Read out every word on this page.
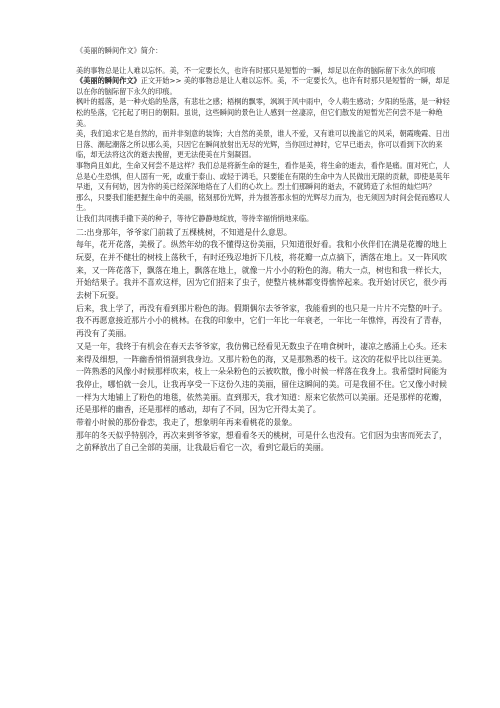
《美丽的瞬间作文》简介：

美的事物总是让人难以忘怀。美，不一定要长久，也许有时那只是短暂的一瞬，却足以在你的脑际留下永久的印痕

《美丽的瞬间作文》正文开始>> 美的事物总是让人难以忘怀。美，不一定要长久，也许有时那只是短暂的一瞬，却足以在你的脑际留下永久的印痕。

枫叶的摇落，是一种火焰的坠落，有悲壮之感；梧桐的飘零，飒飒于风中雨中，令人萌生感动；夕阳的坠落，是一种轻松的坠落，它托起了明日的朝阳。虽说，这些瞬间的景色让人感到一丝凄凉，但它们散发的短暂光芒何尝不是一种绝美。

美，我们追求它是自然的，而并非刻意的装饰；大自然的美景，谁人不爱，又有谁可以挽盖它的风采，朝霞晚霞、日出日落、潮起潮落之所以那么美，只因它在瞬间放射出无尽的光辉，当你回过神时，它早已逝去，你可以看到下次的来临，却无法将这次的逝去挽留，更无法使美在片刻凝固。

事物尚且如此，生命又何尝不是这样？我们总是将新生命的诞生，看作是美，将生命的逝去，看作是痛。面对死亡，人总是心生恐惧，但人固有一死，或重于泰山、或轻于鸿毛，只要能在有限的生命中为人民做出无限的贡献，即使是英年早逝，又有何妨，因为你的美已经深深地烙在了人们的心坎上。烈士们那瞬间的逝去，不就铸造了永恒的灿烂吗？

那么，只要我们能把握生命中的美丽，铭刻那份光辉，并为报答那永恒的光辉尽力而为，也无须因为时间会促而感叹人生。

让我们共同携手撒下美的种子，等待它静静地绽放，等待幸福悄悄地来临。

二:出身那年，爷爷家门前栽了五棵桃树，不知道是什么意思。

每年，花开花落，美极了。纵然年幼的我不懂得这份美丽，只知道很好看。我和小伙伴们在满是花瓣的地上玩耍，在并不健壮的树枝上荡秋千，有时还残忍地折下几枝，将花瓣一点点摘下，洒落在地上。又一阵风吹来，又一阵花落下，飘落在地上，飘落在地上，就像一片小小的粉色的海。稍大一点，树也和我一样长大，开始结果子。我并不喜欢这样，因为它们招来了虫子，使整片桃林都变得憔悴起来。我开始讨厌它，很少再去树下玩耍。

后来，我上学了，再没有看到那片粉色的海。假期偶尔去爷爷家，我能看到的也只是一片片不完整的叶子。我不再愿意接近那片小小的桃林。在我的印象中，它们一年比一年衰老，一年比一年憔悴，再没有了青春，再没有了美丽。

又是一年，我终于有机会在春天去爷爷家，我仿佛已经看见无数虫子在啃食树叶，凄凉之感涌上心头。还未来得及细想，一阵幽香悄悄溜到我身边。又那片粉色的海，又是那熟悉的枝干。这次的花似乎比以往更美。一阵熟悉的风像小时候那样吹来，枝上一朵朵粉色的云被吹散，像小时候一样落在我身上。我希望时间能为我停止，哪怕就一会儿，让我再享受一下这份久违的美丽，留住这瞬间的美。可是我留不住。它又像小时候一样为大地铺上了粉色的地毯，依然美丽。直到那天，我才知道：原来它依然可以美丽。还是那样的花瓣，还是那样的幽香，还是那样的感动，却有了不同，因为它开得太美了。

带着小时候的那份眷恋，我走了，想象明年再来看桃花的景象。

那年的冬天似乎特别冷，再次来到爷爷家，想看看冬天的桃树，可是什么也没有。它们因为虫害而死去了，之前释放出了自己全部的美丽，让我最后看它一次，看到它最后的美丽。
